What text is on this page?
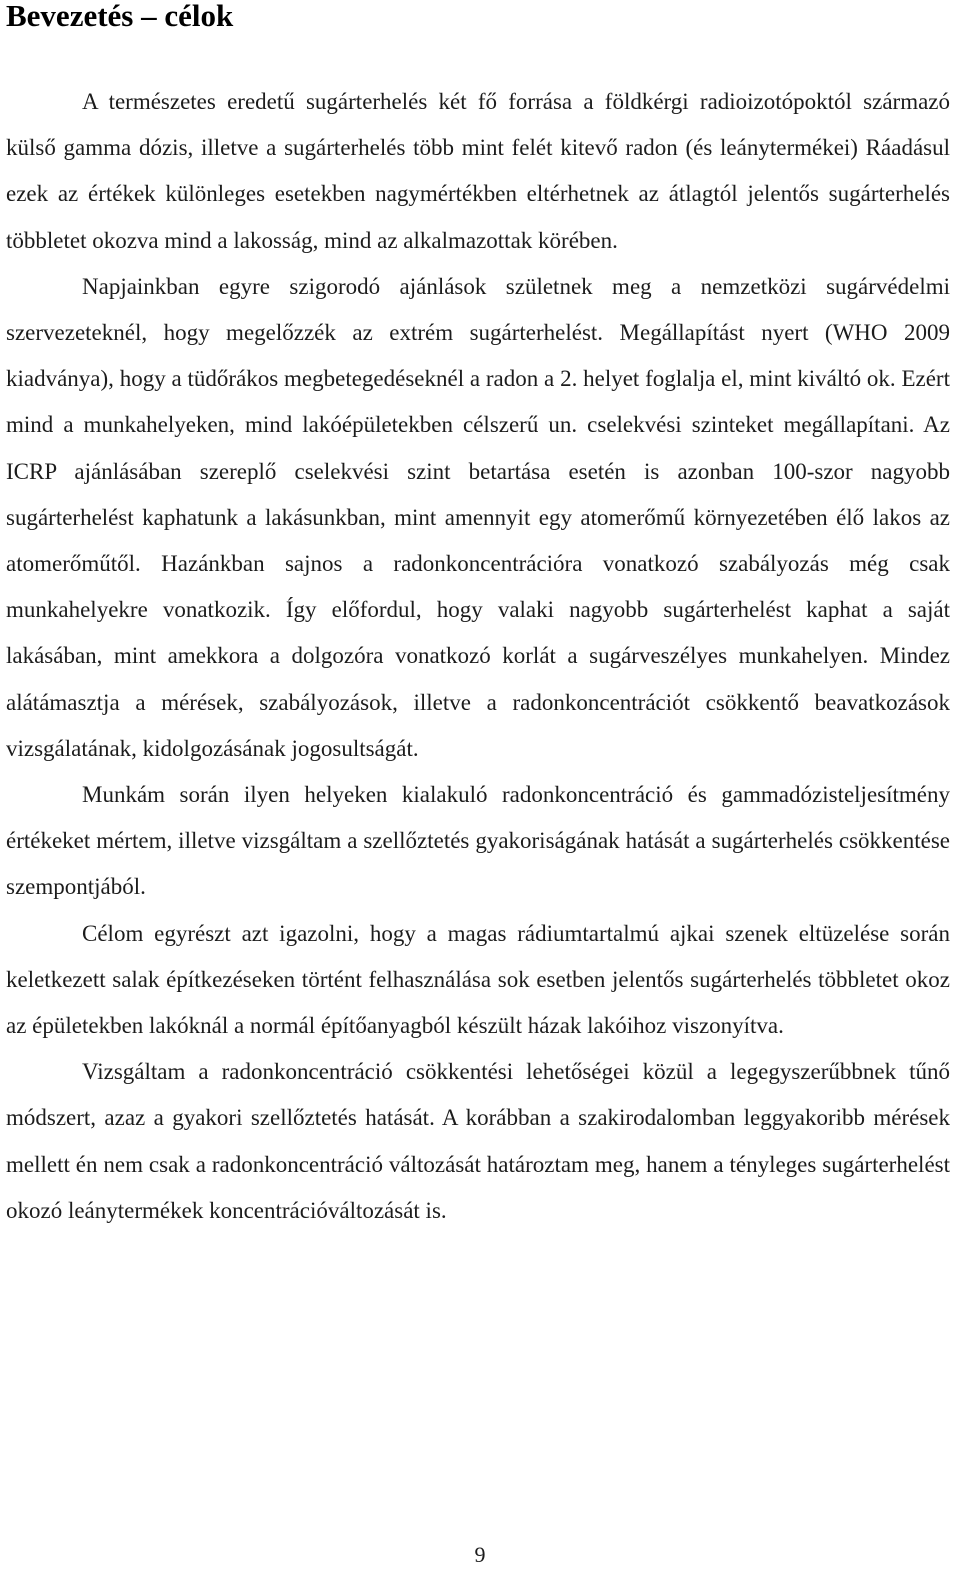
Bevezetés – célok

A természetes eredetű sugárterhelés két fő forrása a földkérgi radioizotópoktól származó külső gamma dózis, illetve a sugárterhelés több mint felét kitevő radon (és leánytermékei) Ráadásul ezek az értékek különleges esetekben nagymértékben eltérhetnek az átlagtól jelentős sugárterhelés többletet okozva mind a lakosság, mind az alkalmazottak körében.

Napjainkban egyre szigorodó ajánlások születnek meg a nemzetközi sugárvédelmi szervezeteknél, hogy megelőzzék az extrém sugárterhelést. Megállapítást nyert (WHO 2009 kiadványa), hogy a tüdőrákos megbetegedéseknél a radon a 2. helyet foglalja el, mint kiváltó ok. Ezért mind a munkahelyeken, mind lakóépületekben célszerű un. cselekvési szinteket megállapítani. Az ICRP ajánlásában szereplő cselekvési szint betartása esetén is azonban 100-szor nagyobb sugárterhelést kaphatunk a lakásunkban, mint amennyit egy atomerőmű környezetében élő lakos az atomerőműtől. Hazánkban sajnos a radonkoncentrációra vonatkozó szabályozás még csak munkahelyekre vonatkozik. Így előfordul, hogy valaki nagyobb sugárterhelést kaphat a saját lakásában, mint amekkora a dolgozóra vonatkozó korlát a sugárveszélyes munkahelyen. Mindez alátámasztja a mérések, szabályozások, illetve a radonkoncentrációt csökkentő beavatkozások vizsgálatának, kidolgozásának jogosultságát.

Munkám során ilyen helyeken kialakuló radonkoncentráció és gammadózisteljesítmény értékeket mértem, illetve vizsgáltam a szellőztetés gyakoriságának hatását a sugárterhelés csökkentése szempontjából.

Célom egyrészt azt igazolni, hogy a magas rádiumtartalmú ajkai szenek eltüzelése során keletkezett salak építkezéseken történt felhasználása sok esetben jelentős sugárterhelés többletet okoz az épületekben lakóknál a normál építőanyagból készült házak lakóihoz viszonyítva.

Vizsgáltam a radonkoncentráció csökkentési lehetőségei közül a legegyszerűbbnek tűnő módszert, azaz a gyakori szellőztetés hatását. A korábban a szakirodalomban leggyakoribb mérések mellett én nem csak a radonkoncentráció változását határoztam meg, hanem a tényleges sugárterhelést okozó leánytermékek koncentrációváltozását is.

9
